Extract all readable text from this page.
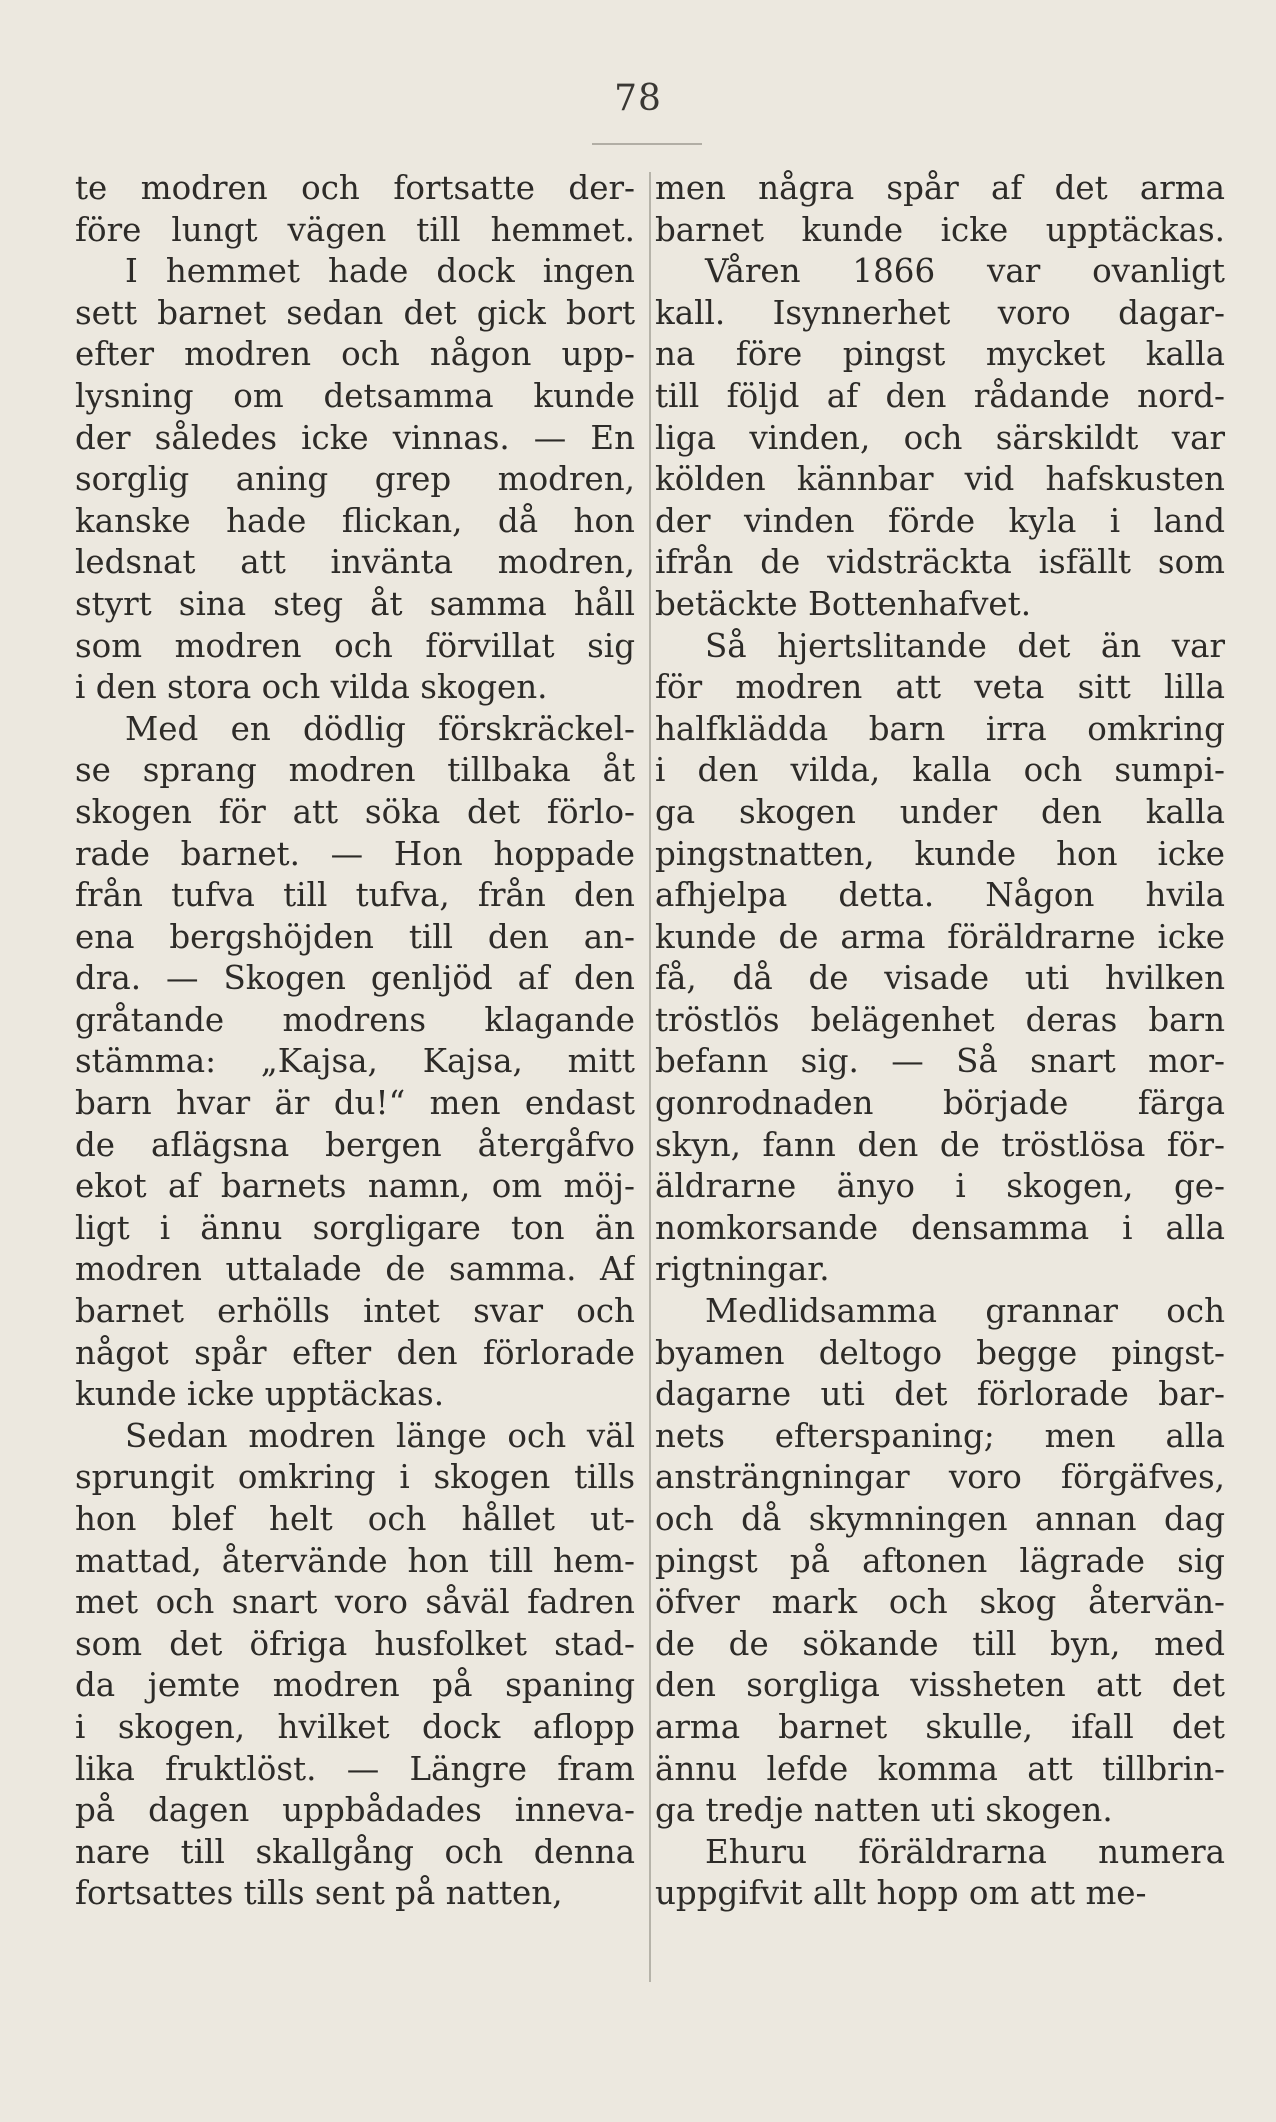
78
te modren och fortsatte der-
före lungt vägen till hemmet.
I hemmet hade dock ingen
sett barnet sedan det gick bort
efter modren och någon upp-
lysning om detsamma kunde
der således icke vinnas. — En
sorglig aning grep modren,
kanske hade flickan, då hon
ledsnat att invänta modren,
styrt sina steg åt samma håll
som modren och förvillat sig
i den stora och vilda skogen.
Med en dödlig förskräckel-
se sprang modren tillbaka åt
skogen för att söka det förlo-
rade barnet. — Hon hoppade
från tufva till tufva, från den
ena bergshöjden till den an-
dra. — Skogen genljöd af den
gråtande modrens klagande
stämma: „Kajsa, Kajsa, mitt
barn hvar är du!“ men endast
de aflägsna bergen återgåfvo
ekot af barnets namn, om möj-
ligt i ännu sorgligare ton än
modren uttalade de samma. Af
barnet erhölls intet svar och
något spår efter den förlorade
kunde icke upptäckas.
Sedan modren länge och väl
sprungit omkring i skogen tills
hon blef helt och hållet ut-
mattad, återvände hon till hem-
met och snart voro såväl fadren
som det öfriga husfolket stad-
da jemte modren på spaning
i skogen, hvilket dock aflopp
lika fruktlöst. — Längre fram
på dagen uppbådades inneva-
nare till skallgång och denna
fortsattes tills sent på natten,
men några spår af det arma
barnet kunde icke upptäckas.
Våren 1866 var ovanligt
kall. Isynnerhet voro dagar-
na före pingst mycket kalla
till följd af den rådande nord-
liga vinden, och särskildt var
kölden kännbar vid hafskusten
der vinden förde kyla i land
ifrån de vidsträckta isfällt som
betäckte Bottenhafvet.
Så hjertslitande det än var
för modren att veta sitt lilla
halfklädda barn irra omkring
i den vilda, kalla och sumpi-
ga skogen under den kalla
pingstnatten, kunde hon icke
afhjelpa detta. Någon hvila
kunde de arma föräldrarne icke
få, då de visade uti hvilken
tröstlös belägenhet deras barn
befann sig. — Så snart mor-
gonrodnaden började färga
skyn, fann den de tröstlösa för-
äldrarne änyo i skogen, ge-
nomkorsande densamma i alla
rigtningar.
Medlidsamma grannar och
byamen deltogo begge pingst-
dagarne uti det förlorade bar-
nets efterspaning; men alla
ansträngningar voro förgäfves,
och då skymningen annan dag
pingst på aftonen lägrade sig
öfver mark och skog återvän-
de de sökande till byn, med
den sorgliga vissheten att det
arma barnet skulle, ifall det
ännu lefde komma att tillbrin-
ga tredje natten uti skogen.
Ehuru föräldrarna numera
uppgifvit allt hopp om att me-
